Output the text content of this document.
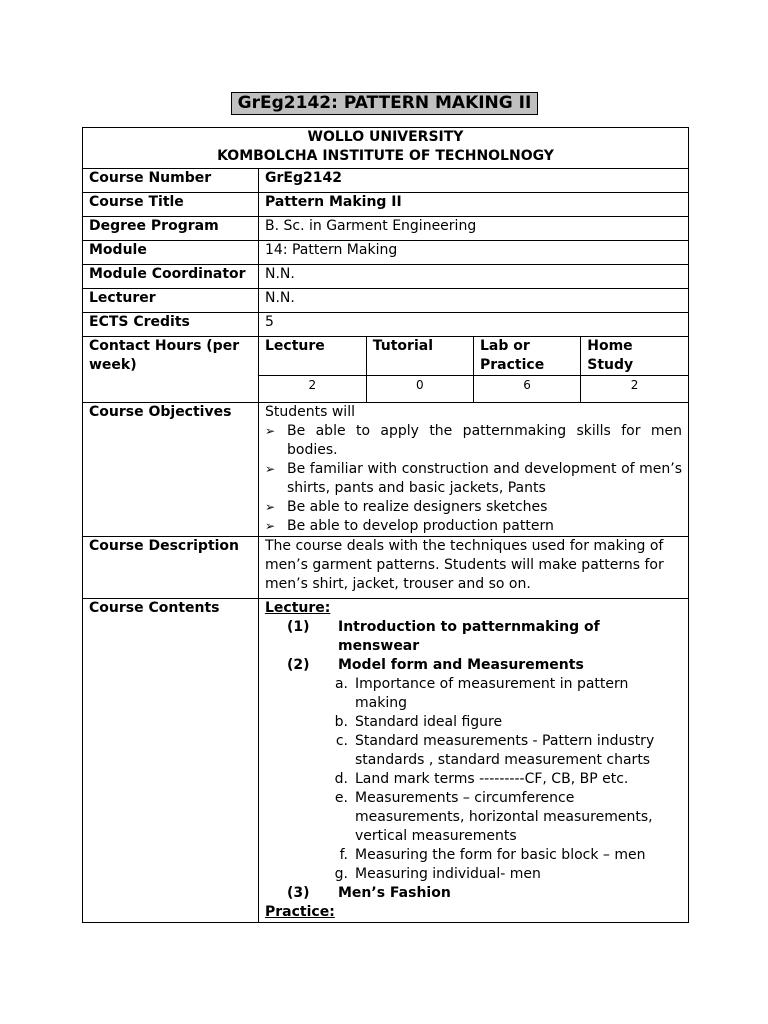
GrEg2142: PATTERN MAKING II
WOLLO UNIVERSITY
KOMBOLCHA INSTITUTE OF TECHNOLNOGY

Course Number	GrEg2142
Course Title	Pattern Making II
Degree Program	B. Sc. in Garment Engineering
Module	14: Pattern Making
Module Coordinator	N.N.
Lecturer	N.N.
ECTS Credits	5
Contact Hours (per week)	
Lecture	Tutorial	Lab or Practice	Home Study
2	0	6	2

Course Objectives	Students will
➢ Be able to apply the patternmaking skills for men bodies.
➢ Be familiar with construction and development of men’s shirts, pants and basic jackets, Pants
➢ Be able to realize designers sketches
➢ Be able to develop production pattern

Course Description	The course deals with the techniques used for making of men’s garment patterns. Students will make patterns for men’s shirt, jacket, trouser and so on.
Course Contents	Lecture:
(1)	Introduction to patternmaking of menswear
(2)	Model form and Measurements
a. Importance of measurement in pattern making
b. Standard ideal figure
c. Standard measurements - Pattern industry standards , standard measurement charts
d. Land mark terms ---------CF, CB, BP etc.
e. Measurements – circumference measurements, horizontal measurements, vertical measurements
f. Measuring the form for basic block – men
g. Measuring individual- men
(3)	Men’s Fashion
Practice:
